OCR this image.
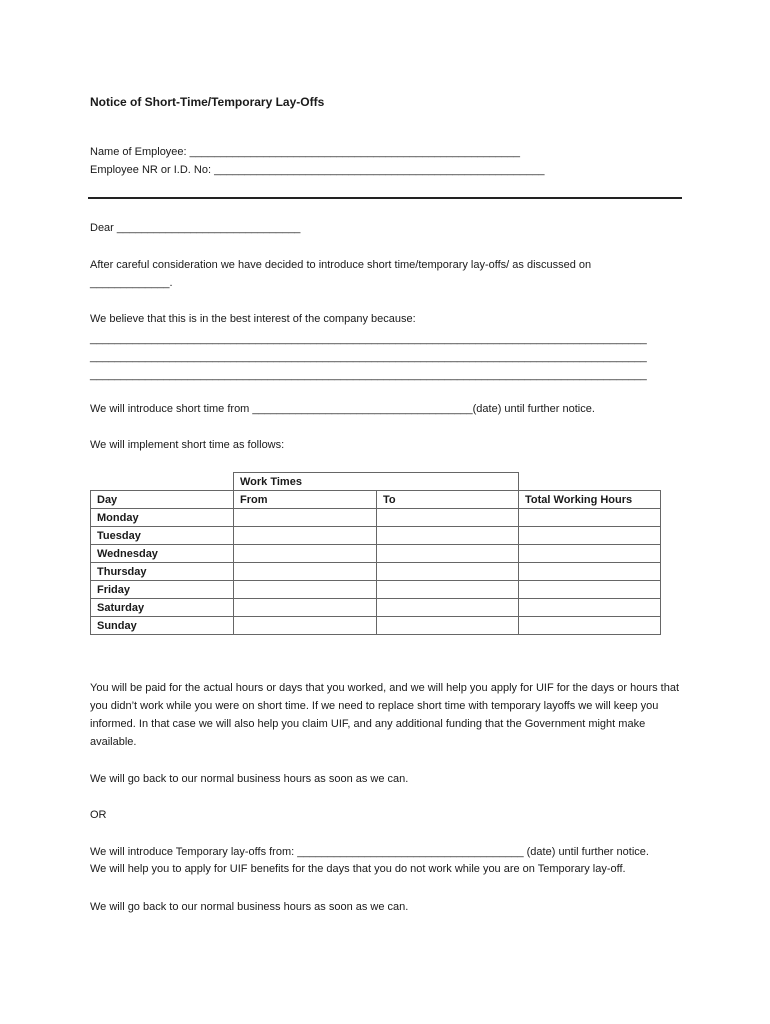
Notice of Short-Time/Temporary Lay-Offs
Name of Employee: ______________________________________________________
Employee NR or I.D. No: ______________________________________________________
Dear ______________________________
After careful consideration we have decided to introduce short time/temporary lay-offs/ as discussed on
_____________.
We believe that this is in the best interest of the company because:
___________________________________________________________________________________________
___________________________________________________________________________________________
___________________________________________________________________________________________
We will introduce short time from ____________________________________(date) until further notice.
We will implement short time as follows:
	Work Times		
Day	From	To	Total Working Hours
Monday			
Tuesday			
Wednesday			
Thursday			
Friday			
Saturday			
Sunday			
You will be paid for the actual hours or days that you worked, and we will help you apply for UIF for the days or hours that you didn’t work while you were on short time. If we need to replace short time with temporary layoffs we will keep you informed. In that case we will also help you claim UIF, and any additional funding that the Government might make available.
We will go back to our normal business hours as soon as we can.
OR
We will introduce Temporary lay-offs from: _____________________________________ (date) until further notice.
We will help you to apply for UIF benefits for the days that you do not work while you are on Temporary lay-off.
We will go back to our normal business hours as soon as we can.
